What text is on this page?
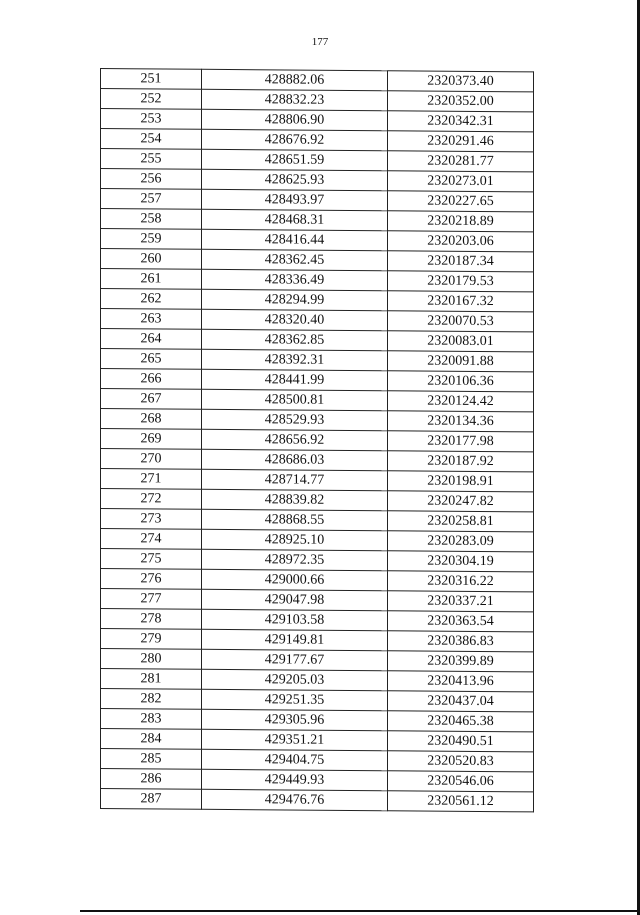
177
251	428882.06	2320373.40
252	428832.23	2320352.00
253	428806.90	2320342.31
254	428676.92	2320291.46
255	428651.59	2320281.77
256	428625.93	2320273.01
257	428493.97	2320227.65
258	428468.31	2320218.89
259	428416.44	2320203.06
260	428362.45	2320187.34
261	428336.49	2320179.53
262	428294.99	2320167.32
263	428320.40	2320070.53
264	428362.85	2320083.01
265	428392.31	2320091.88
266	428441.99	2320106.36
267	428500.81	2320124.42
268	428529.93	2320134.36
269	428656.92	2320177.98
270	428686.03	2320187.92
271	428714.77	2320198.91
272	428839.82	2320247.82
273	428868.55	2320258.81
274	428925.10	2320283.09
275	428972.35	2320304.19
276	429000.66	2320316.22
277	429047.98	2320337.21
278	429103.58	2320363.54
279	429149.81	2320386.83
280	429177.67	2320399.89
281	429205.03	2320413.96
282	429251.35	2320437.04
283	429305.96	2320465.38
284	429351.21	2320490.51
285	429404.75	2320520.83
286	429449.93	2320546.06
287	429476.76	2320561.12
